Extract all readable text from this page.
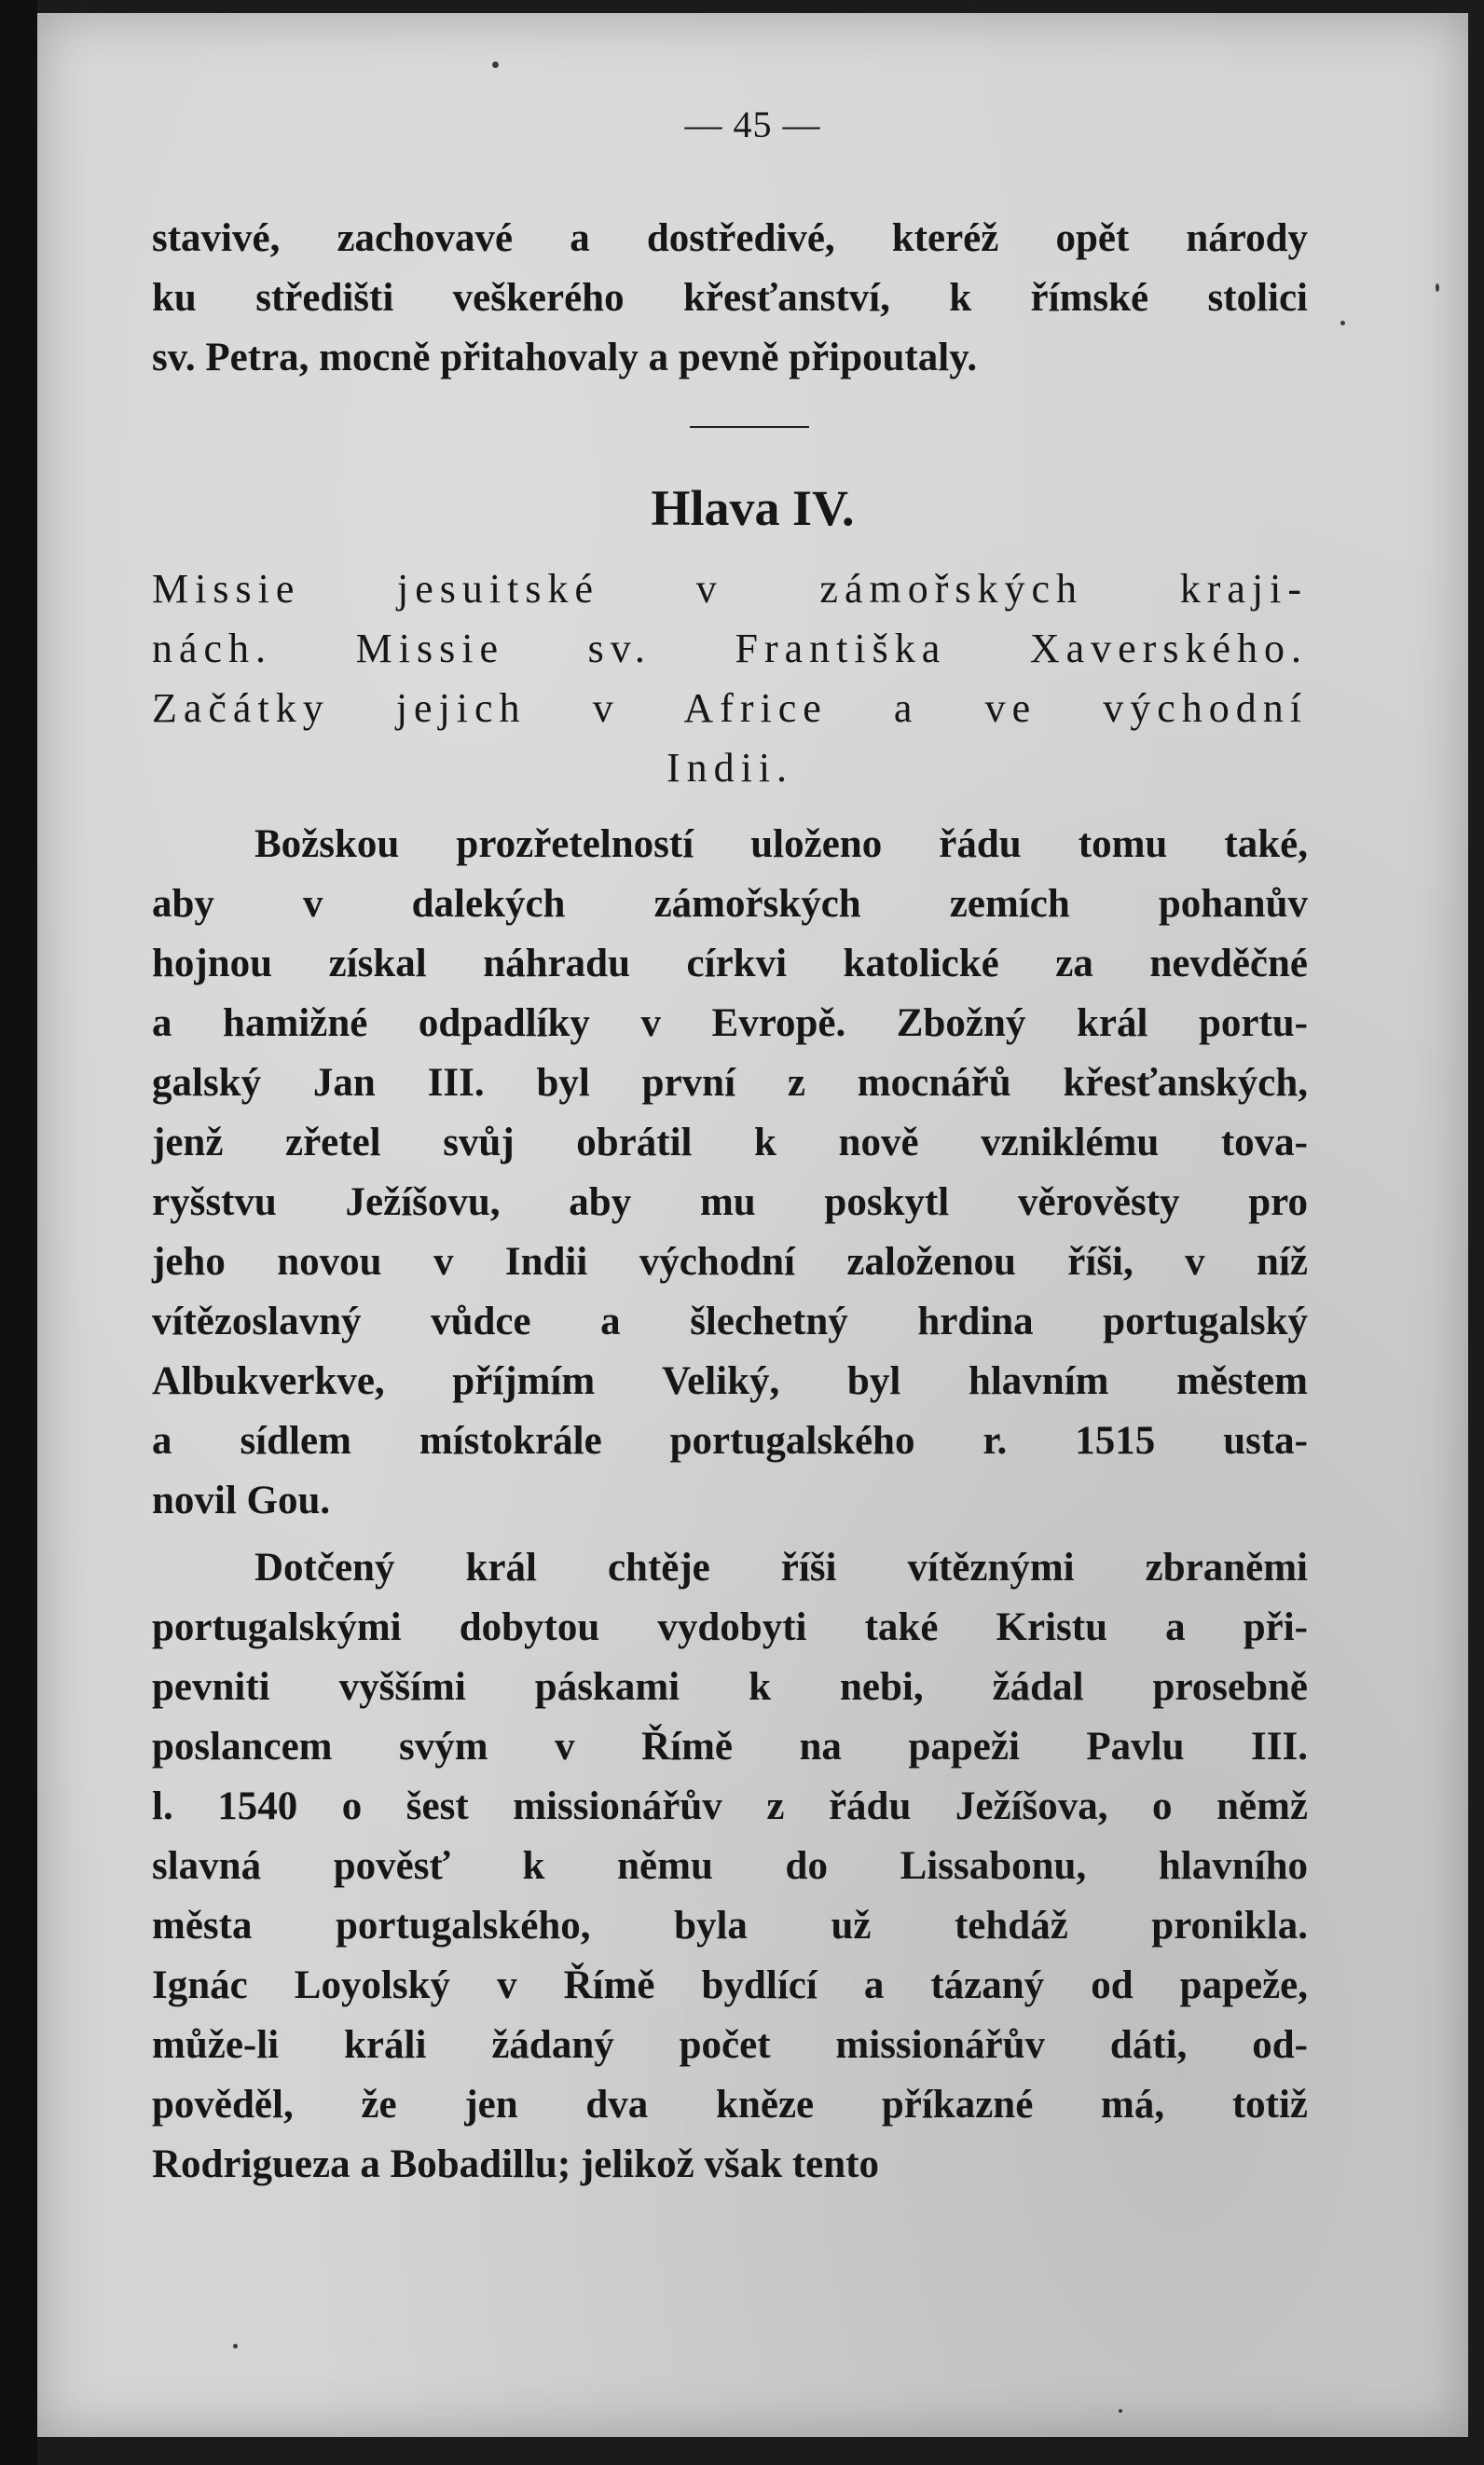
— 45 —
stavivé, zachovavé a dostředivé, kteréž opět národy
ku středišti veškerého křesťanství, k římské stolici
sv. Petra, mocně přitahovaly a pevně připoutaly.
Hlava IV.
Missie jesuitské v zámořských kraji-
nách. Missie sv. Františka Xaverského.
Začátky jejich v Africe a ve východní
Indii.
Božskou prozřetelností uloženo řádu tomu také,
aby v dalekých zámořských zemích pohanův
hojnou získal náhradu církvi katolické za nevděčné
a hamižné odpadlíky v Evropě. Zbožný král portu-
galský Jan III. byl první z mocnářů křesťanských,
jenž zřetel svůj obrátil k nově vzniklému tova-
ryšstvu Ježíšovu, aby mu poskytl věrověsty pro
jeho novou v Indii východní založenou říši, v níž
vítězoslavný vůdce a šlechetný hrdina portugalský
Albukverkve, příjmím Veliký, byl hlavním městem
a sídlem místokrále portugalského r. 1515 usta-
novil Gou.
Dotčený král chtěje říši vítěznými zbraněmi
portugalskými dobytou vydobyti také Kristu a při-
pevniti vyššími páskami k nebi, žádal prosebně
poslancem svým v Římě na papeži Pavlu III.
l. 1540 o šest missionářův z řádu Ježíšova, o němž
slavná pověsť k němu do Lissabonu, hlavního
města portugalského, byla už tehdáž pronikla.
Ignác Loyolský v Římě bydlící a tázaný od papeže,
může-li králi žádaný počet missionářův dáti, od-
pověděl, že jen dva kněze příkazné má, totiž
Rodrigueza a Bobadillu; jelikož však tento
